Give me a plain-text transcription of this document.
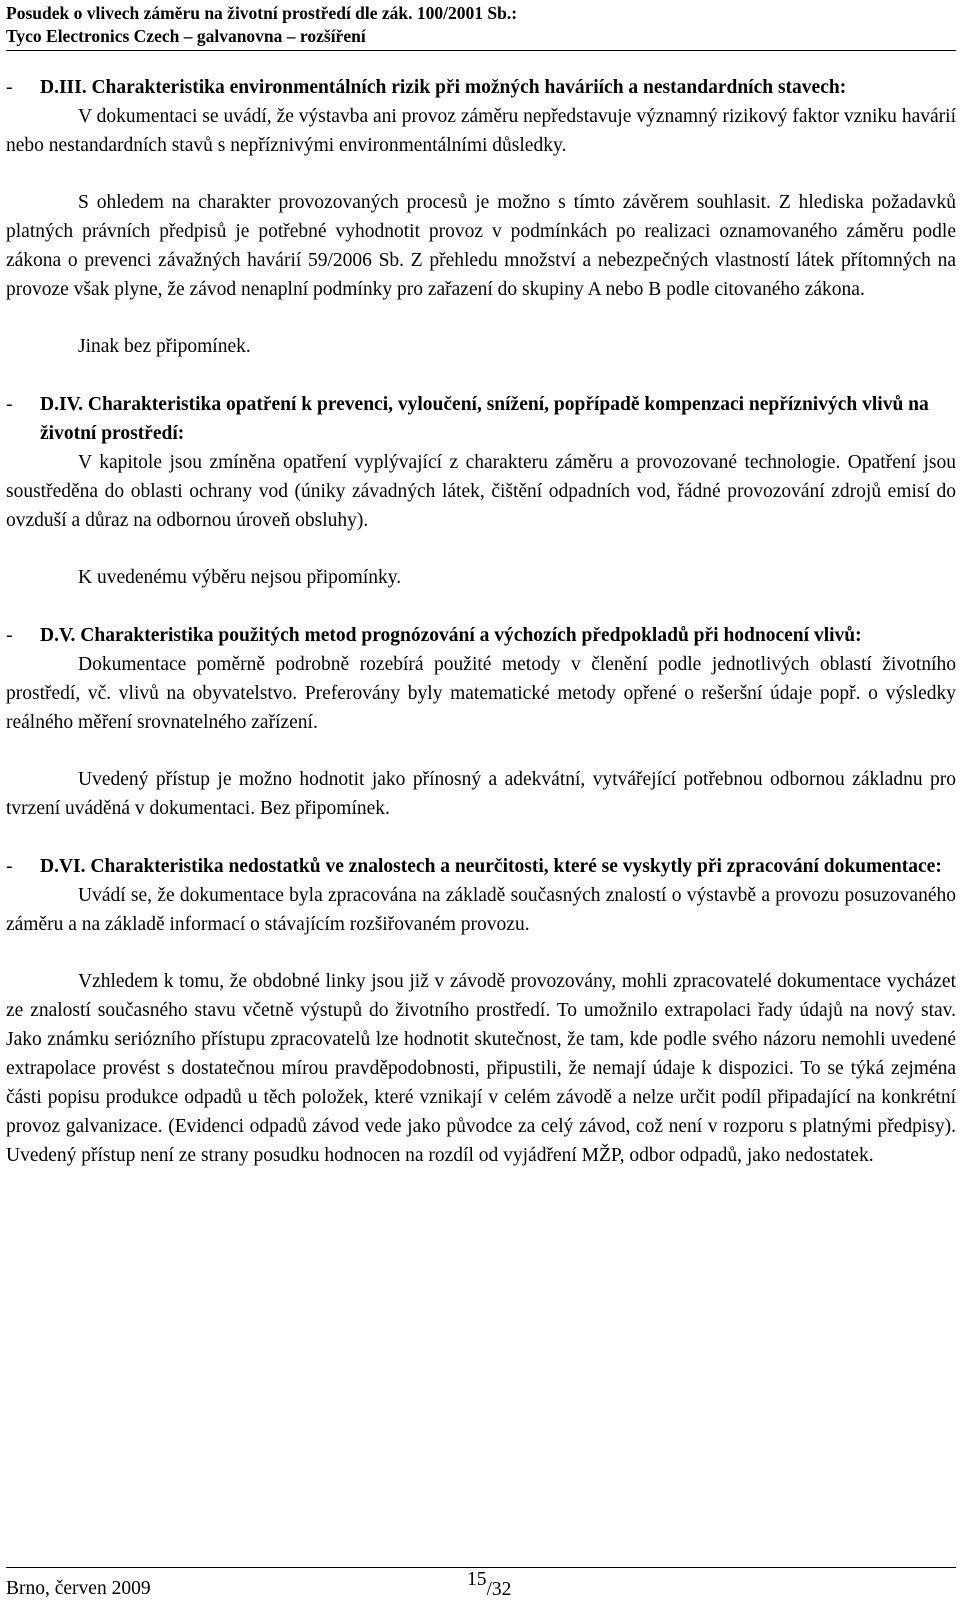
Posudek o vlivech záměru na životní prostředí dle zák. 100/2001 Sb.:
Tyco Electronics Czech – galvanovna – rozšíření
-	D.III. Charakteristika environmentálních rizik při možných haváriích a nestandardních stavech:

V dokumentaci se uvádí, že výstavba ani provoz záměru nepředstavuje významný rizikový faktor vzniku havárií nebo nestandardních stavů s nepříznivými environmentálními důsledky.

S ohledem na charakter provozovaných procesů je možno s tímto závěrem souhlasit. Z hlediska požadavků platných právních předpisů je potřebné vyhodnotit provoz v podmínkách po realizaci oznamovaného záměru podle zákona o prevenci závažných havárií 59/2006 Sb. Z přehledu množství a nebezpečných vlastností látek přítomných na provoze však plyne, že závod nenaplní podmínky pro zařazení do skupiny A nebo B podle citovaného zákona.

Jinak bez připomínek.

-	D.IV. Charakteristika opatření k prevenci, vyloučení, snížení, popřípadě kompenzaci nepříznivých vlivů na životní prostředí:

V kapitole jsou zmíněna opatření vyplývající z charakteru záměru a provozované technologie. Opatření jsou soustředěna do oblasti ochrany vod (úniky závadných látek, čištění odpadních vod, řádné provozování zdrojů emisí do ovzduší a důraz na odbornou úroveň obsluhy).

K uvedenému výběru nejsou připomínky.

-	D.V. Charakteristika použitých metod prognózování a výchozích předpokladů při hodnocení vlivů:

Dokumentace poměrně podrobně rozebírá použité metody v členění podle jednotlivých oblastí životního prostředí, vč. vlivů na obyvatelstvo. Preferovány byly matematické metody opřené o rešeršní údaje popř. o výsledky reálného měření srovnatelného zařízení.

Uvedený přístup je možno hodnotit jako přínosný a adekvátní, vytvářející potřebnou odbornou základnu pro tvrzení uváděná v dokumentaci. Bez připomínek.

-	D.VI. Charakteristika nedostatků ve znalostech a neurčitosti, které se vyskytly při zpracování dokumentace:

Uvádí se, že dokumentace byla zpracována na základě současných znalostí o výstavbě a provozu posuzovaného záměru a na základě informací o stávajícím rozšiřovaném provozu.

Vzhledem k tomu, že obdobné linky jsou již v závodě provozovány, mohli zpracovatelé dokumentace vycházet ze znalostí současného stavu včetně výstupů do životního prostředí. To umožnilo extrapolaci řady údajů na nový stav. Jako známku seriózního přístupu zpracovatelů lze hodnotit skutečnost, že tam, kde podle svého názoru nemohli uvedené extrapolace provést s dostatečnou mírou pravděpodobnosti, připustili, že nemají údaje k dispozici. To se týká zejména části popisu produkce odpadů u těch položek, které vznikají v celém závodě a nelze určit podíl připadající na konkrétní provoz galvanizace. (Evidenci odpadů závod vede jako původce za celý závod, což není v rozporu s platnými předpisy). Uvedený přístup není ze strany posudku hodnocen na rozdíl od vyjádření MŽP, odbor odpadů, jako nedostatek.

Brno, červen 2009	15/32
